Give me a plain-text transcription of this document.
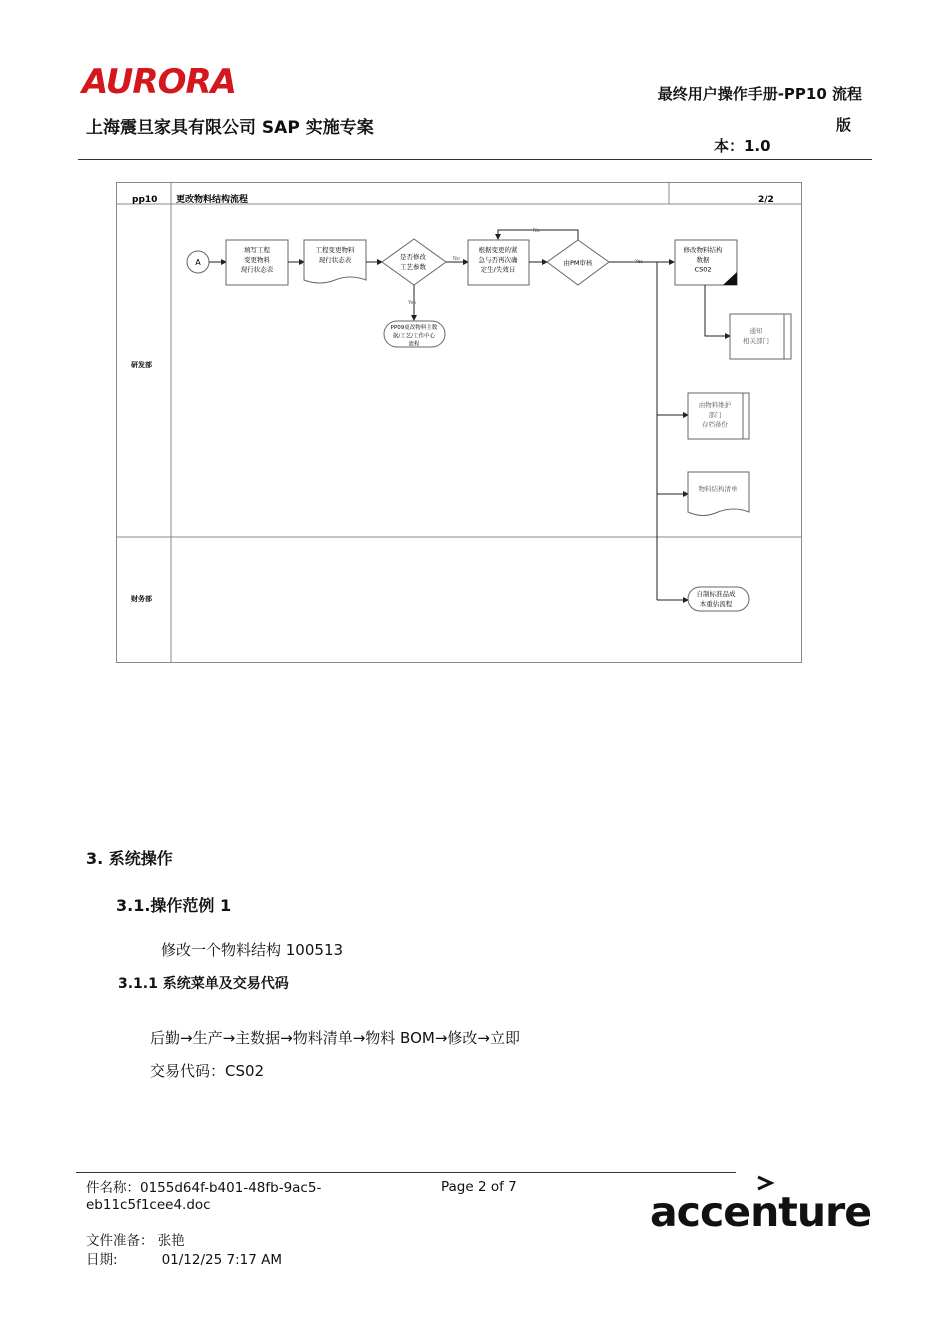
AURORA
上海震旦家具有限公司 SAP 实施专案
最终用户操作手册-PP10 流程
版
本：1.0
pp10 更改物料结构流程	2/2
研发部
财务部
A
填写工程变更物料现行状态表
工程变更物料现行状态表	是否修改工艺参数
No
Yes
PP09更改物料主数据/工艺/工作中心流程
根据变更的紧急与否再次确定生/失效日
由PM审核
No
Yes
修改物料结构数据 CS02
通知相关部门
由物料维护部门存档备份
物料结构清单
自制标准品成本重估流程
3. 系统操作
3.1.操作范例 1
修改一个物料结构 100513
3.1.1 系统菜单及交易代码
后勤→生产→主数据→物料清单→物料 BOM→修改→立即
交易代码：CS02
件名称：0155d64f-b401-48fb-9ac5-eb11c5f1cee4.doc
Page 2 of 7
文件准备： 张艳
日期:	01/12/25 7:17 AM
accenture
